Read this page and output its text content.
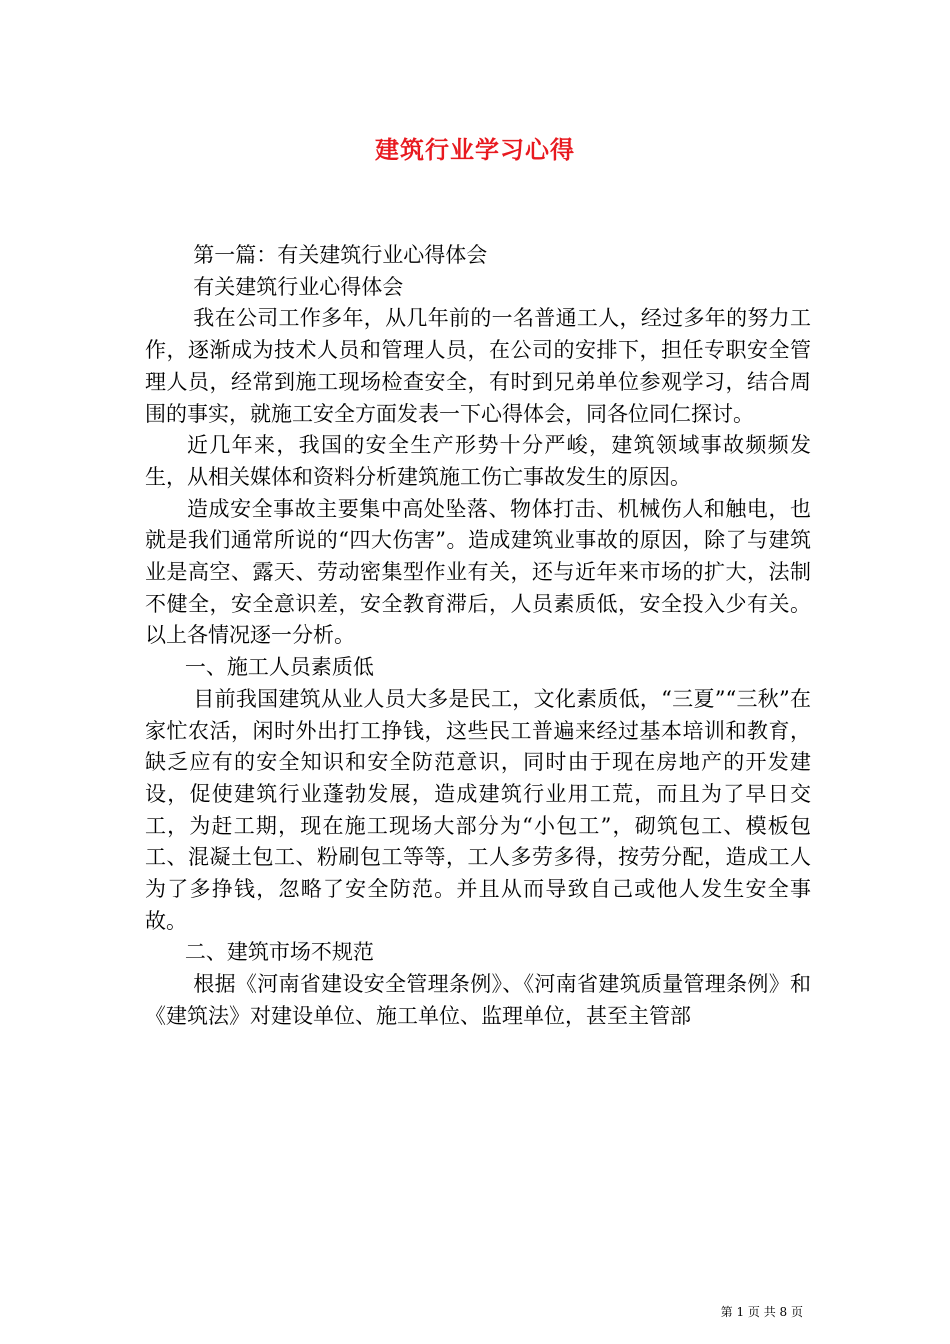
建筑行业学习心得

第一篇：有关建筑行业心得体会

有关建筑行业心得体会

我在公司工作多年，从几年前的一名普通工人，经过多年的努力工作，逐渐成为技术人员和管理人员，在公司的安排下，担任专职安全管理人员，经常到施工现场检查安全，有时到兄弟单位参观学习，结合周围的事实，就施工安全方面发表一下心得体会，同各位同仁探讨。

近几年来，我国的安全生产形势十分严峻，建筑领域事故频频发生，从相关媒体和资料分析建筑施工伤亡事故发生的原因。

造成安全事故主要集中高处坠落、物体打击、机械伤人和触电，也就是我们通常所说的“四大伤害”。造成建筑业事故的原因，除了与建筑业是高空、露天、劳动密集型作业有关，还与近年来市场的扩大，法制不健全，安全意识差，安全教育滞后，人员素质低，安全投入少有关。以上各情况逐一分析。

一、施工人员素质低

目前我国建筑从业人员大多是民工，文化素质低，“三夏”“三秋”在家忙农活，闲时外出打工挣钱，这些民工普遍来经过基本培训和教育，缺乏应有的安全知识和安全防范意识，同时由于现在房地产的开发建设，促使建筑行业蓬勃发展，造成建筑行业用工荒，而且为了早日交工，为赶工期，现在施工现场大部分为“小包工”，砌筑包工、模板包工、混凝土包工、粉刷包工等等，工人多劳多得，按劳分配，造成工人为了多挣钱，忽略了安全防范。并且从而导致自己或他人发生安全事故。

二、建筑市场不规范

根据《河南省建设安全管理条例》、《河南省建筑质量管理条例》和《建筑法》对建设单位、施工单位、监理单位，甚至主管部

第 1 页 共 8 页
